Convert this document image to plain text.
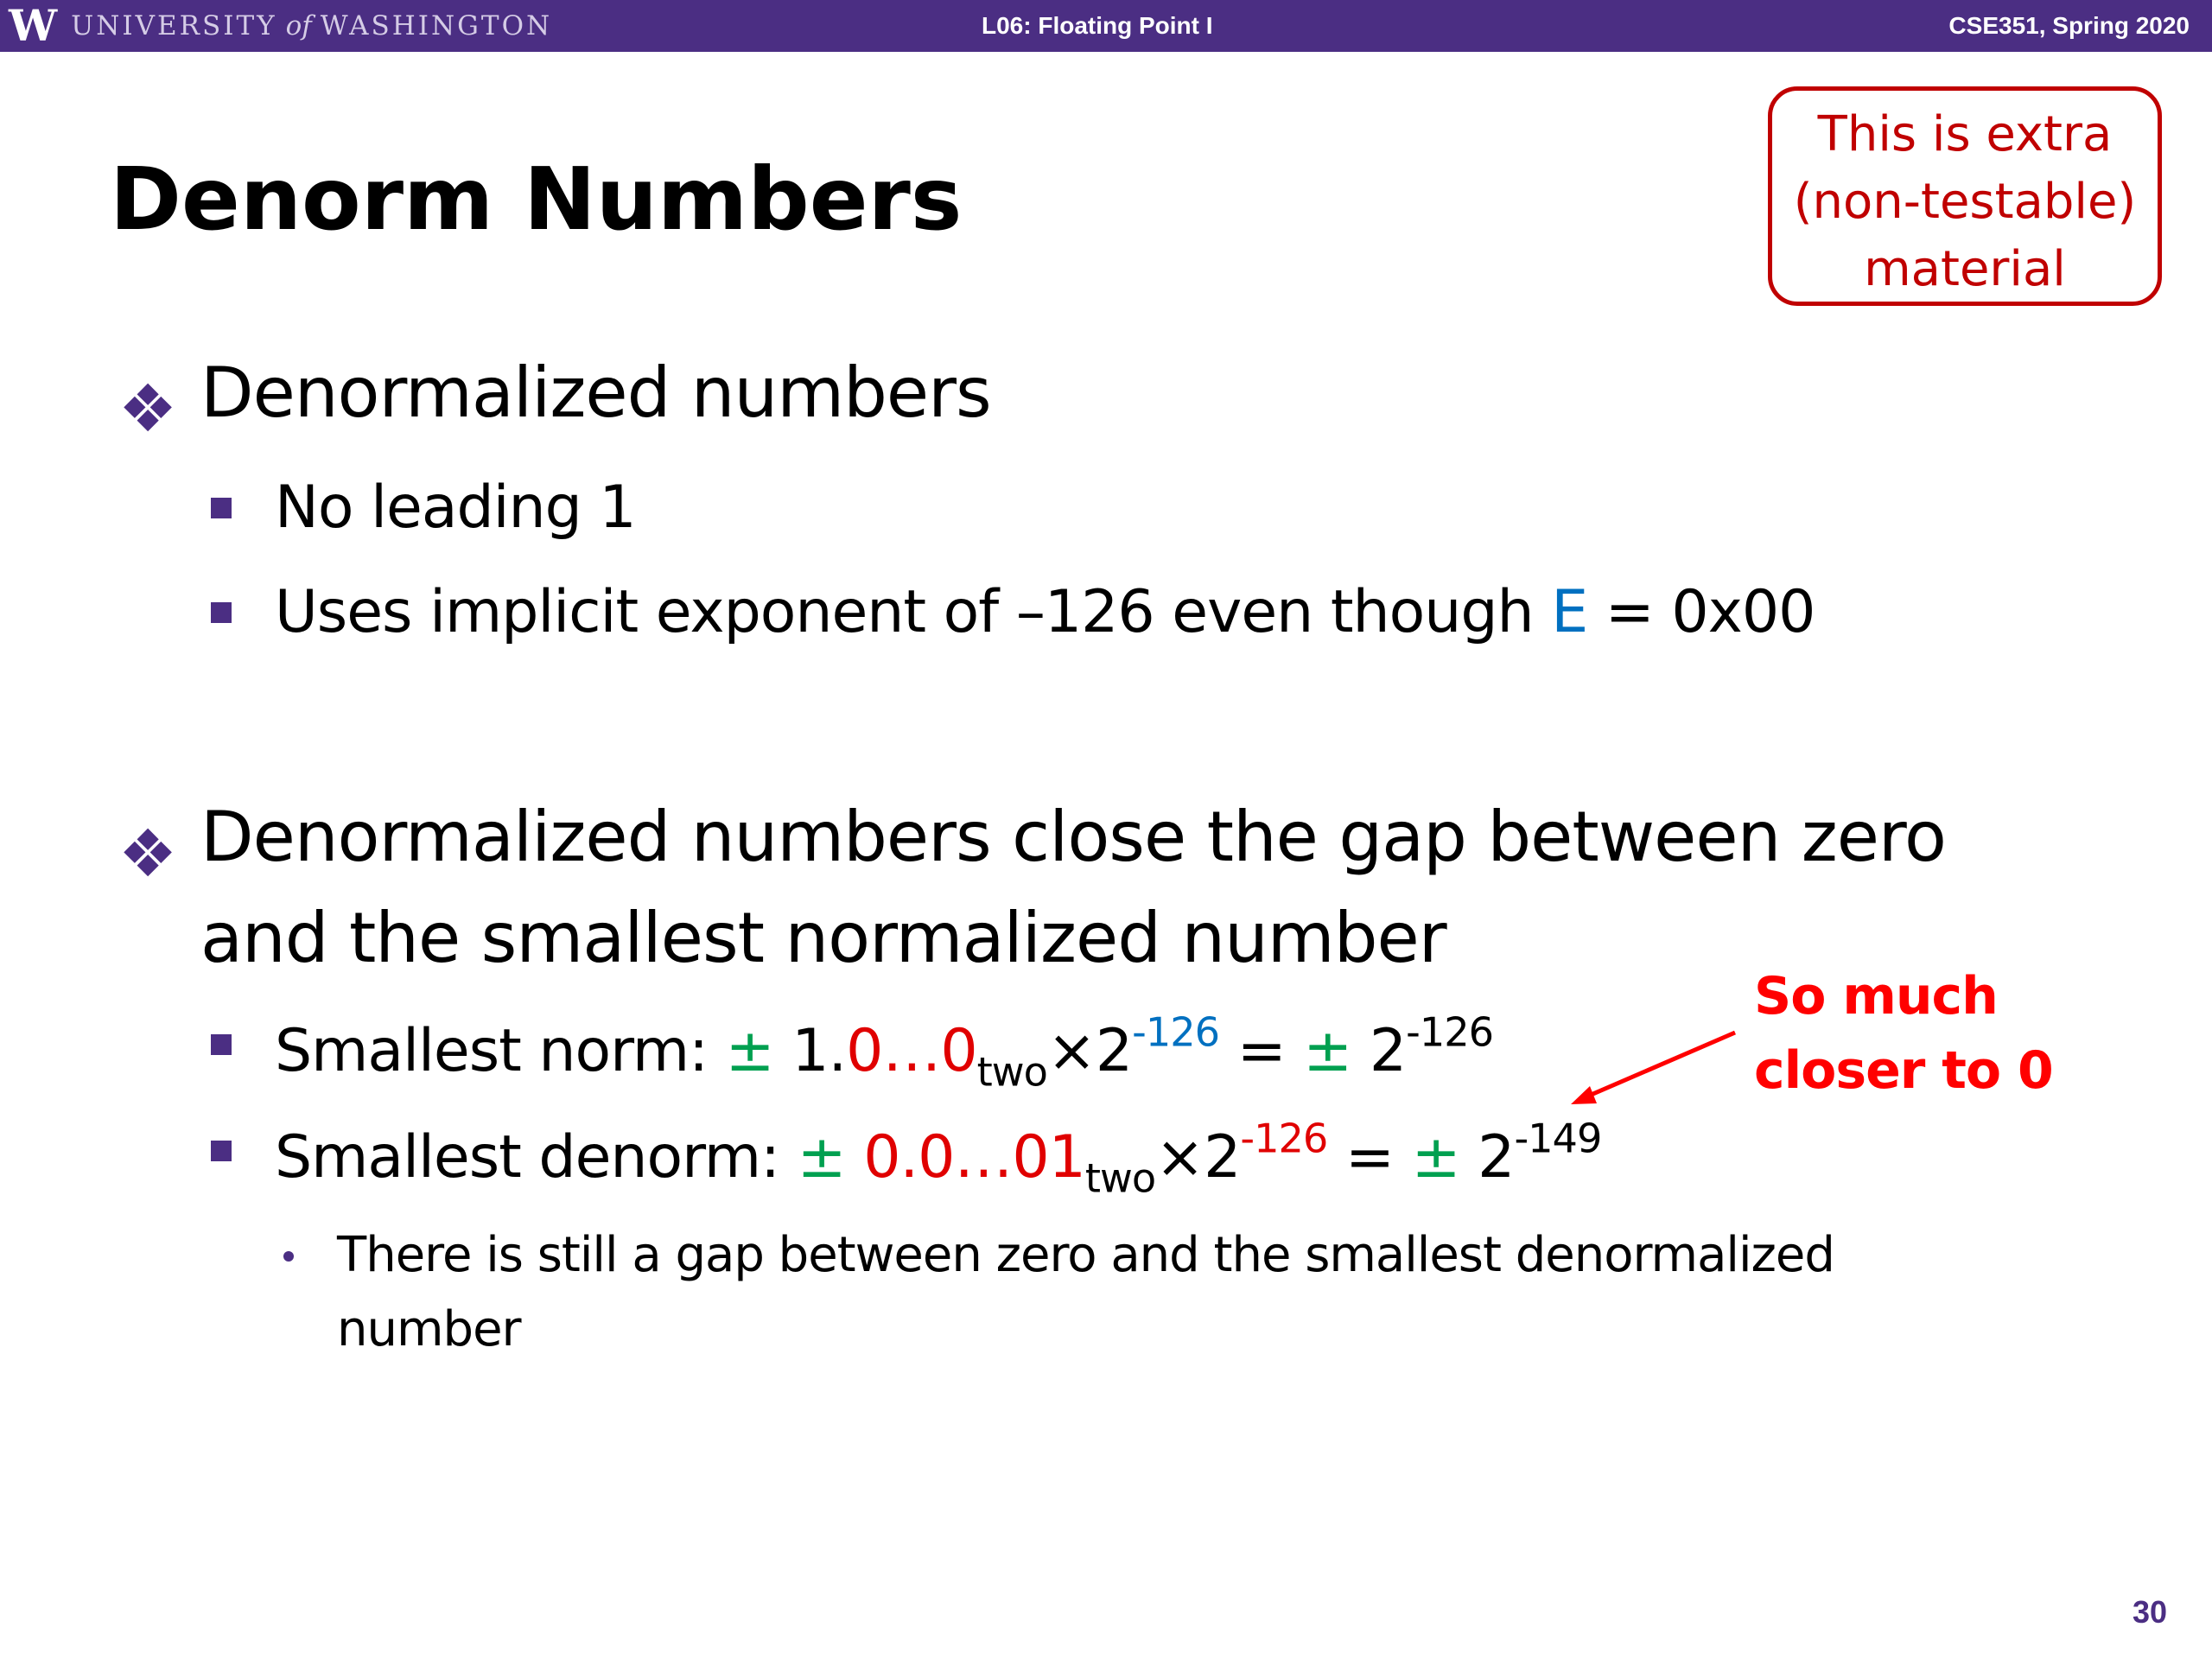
W UNIVERSITY of WASHINGTON	L06: Floating Point I	CSE351, Spring 2020
Denorm Numbers
This is extra
(non-testable)
material
❖ Denormalized numbers
No leading 1
Uses implicit exponent of –126 even though E = 0x00
❖ Denormalized numbers close the gap between zero
and the smallest normalized number
Smallest norm: ± $1.0\dots 0_{two}\times 2^{-126}$ = ± $2^{-126}$
Smallest denorm: ± $0.0\dots 01_{two}\times 2^{-126}$ = ± $2^{-149}$
There is still a gap between zero and the smallest denormalized number
So much
closer to 0
30
